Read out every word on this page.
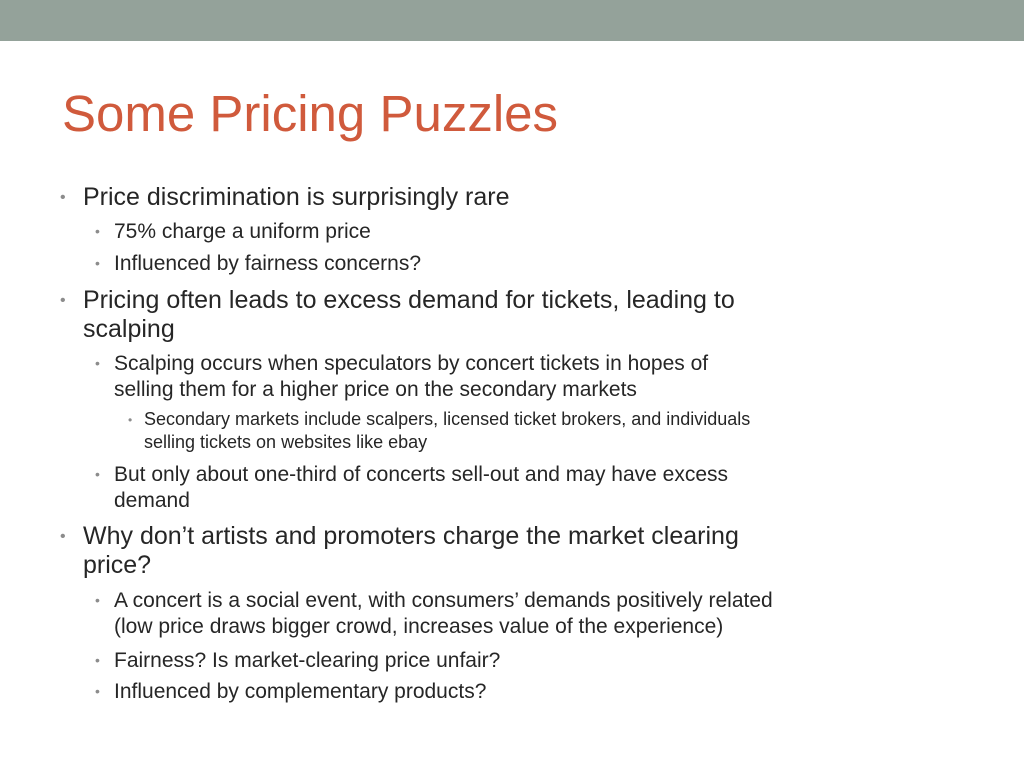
Some Pricing Puzzles
• Price discrimination is surprisingly rare
• 75% charge a uniform price
• Influenced by fairness concerns?
• Pricing often leads to excess demand for tickets, leading to
scalping
• Scalping occurs when speculators by concert tickets in hopes of
selling them for a higher price on the secondary markets
• Secondary markets include scalpers, licensed ticket brokers, and individuals
selling tickets on websites like ebay
• But only about one-third of concerts sell-out and may have excess
demand
• Why don’t artists and promoters charge the market clearing
price?
• A concert is a social event, with consumers’ demands positively related
(low price draws bigger crowd, increases value of the experience)
• Fairness? Is market-clearing price unfair?
• Influenced by complementary products?
